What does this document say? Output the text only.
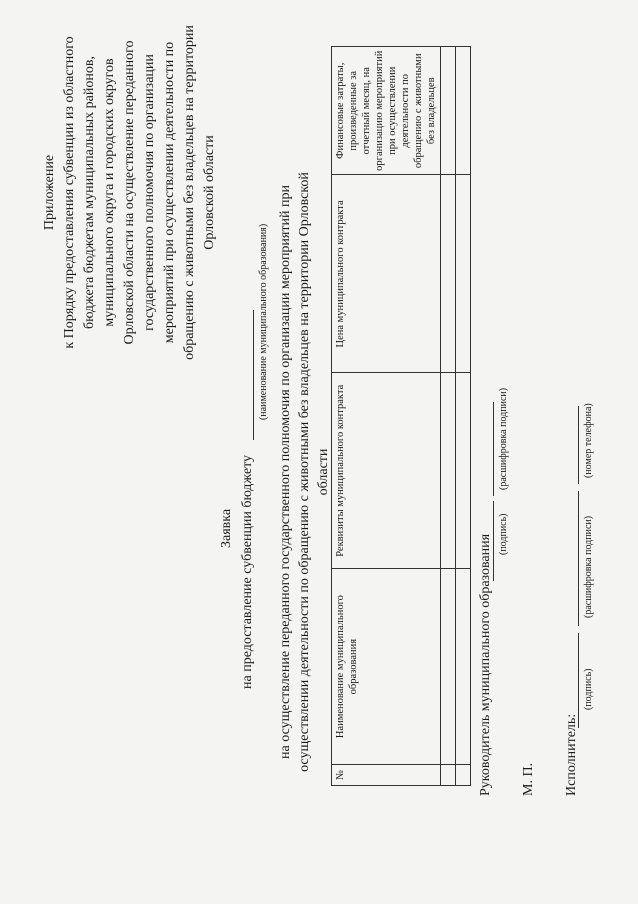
Приложение к Порядку предоставления субвенции из областного бюджета бюджетам муниципальных районов, муниципального округа и городских округов Орловской области на осуществление переданного государственного полномочия по организации мероприятий при осуществлении деятельности по обращению с животными без владельцев на территории Орловской области
Заявка на предоставление субвенции бюджету
(наименование муниципального образования) на осуществление переданного государственного полномочия по организации мероприятий при осуществлении деятельности по обращению с животными без владельцев на территории Орловской области
№	Наименование муниципального образования	Реквизиты муниципального контракта	Цена муниципального контракта	Финансовые затраты, произведенные за отчетный месяц, на организацию мероприятий при осуществлении деятельности по обращению с животными без владельцев

Руководитель муниципального образования (подпись)
(расшифровка подписи)
М. П. Исполнитель:
(подпись)
(расшифровка подписи)
(номер телефона)
